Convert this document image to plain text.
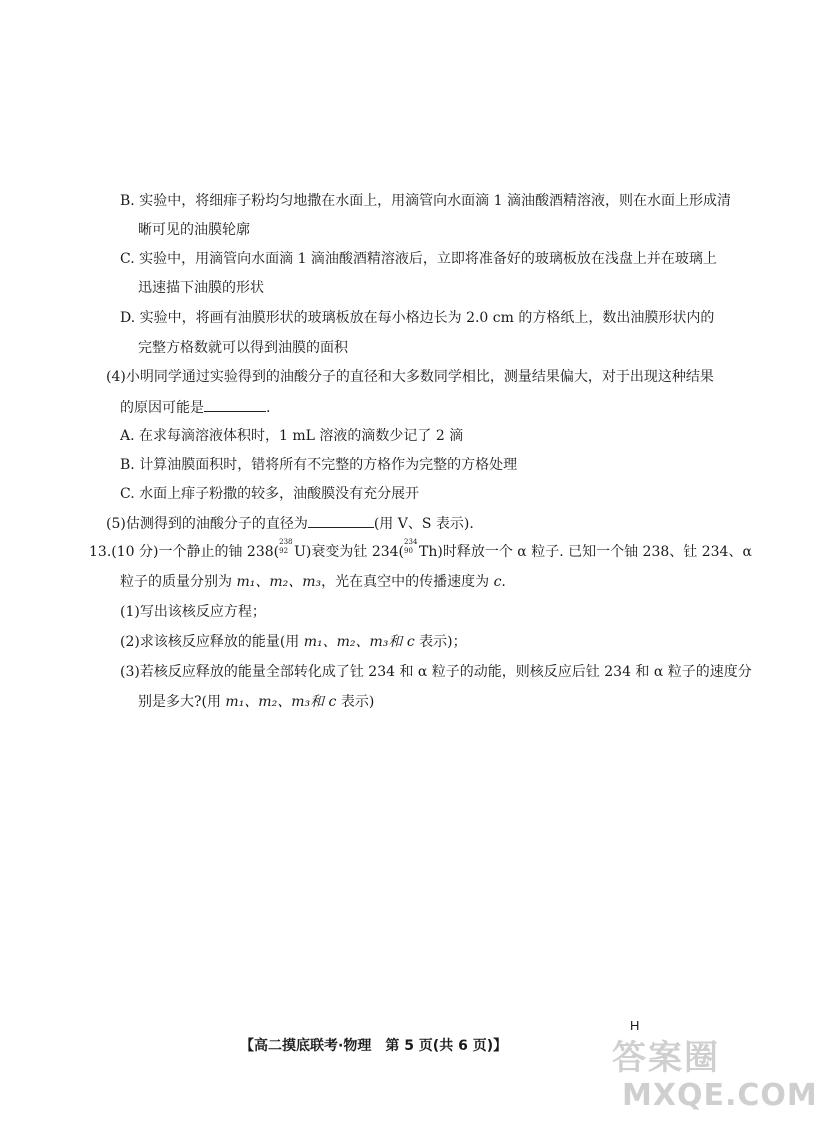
B. 实验中，将细痱子粉均匀地撒在水面上，用滴管向水面滴 1 滴油酸酒精溶液，则在水面上形成清
晰可见的油膜轮廓
C. 实验中，用滴管向水面滴 1 滴油酸酒精溶液后，立即将准备好的玻璃板放在浅盘上并在玻璃上
迅速描下油膜的形状
D. 实验中，将画有油膜形状的玻璃板放在每小格边长为 2.0 cm 的方格纸上，数出油膜形状内的
完整方格数就可以得到油膜的面积
(4)小明同学通过实验得到的油酸分子的直径和大多数同学相比，测量结果偏大，对于出现这种结果
的原因可能是	.
A. 在求每滴溶液体积时，1 mL 溶液的滴数少记了 2 滴
B. 计算油膜面积时，错将所有不完整的方格作为完整的方格处理
C. 水面上痱子粉撒的较多，油酸膜没有充分展开
(5)估测得到的油酸分子的直径为	(用 V、S 表示).
13.(10 分)一个静止的铀 238(
238
92 U)衰变为钍 234(
234
90 Th)时释放一个 α 粒子. 已知一个铀 238、钍 234、α
粒子的质量分别为 m₁、m₂、m₃，光在真空中的传播速度为 c.
(1)写出该核反应方程；
(2)求该核反应释放的能量(用 m₁、m₂、m₃和 c 表示)；
(3)若核反应释放的能量全部转化成了钍 234 和 α 粒子的动能，则核反应后钍 234 和 α 粒子的速度分
别是多大?(用 m₁、m₂、m₃和 c 表示)
【高二摸底联考·物理　第 5 页(共 6 页)】
H
答案圈
MXQE.COM
